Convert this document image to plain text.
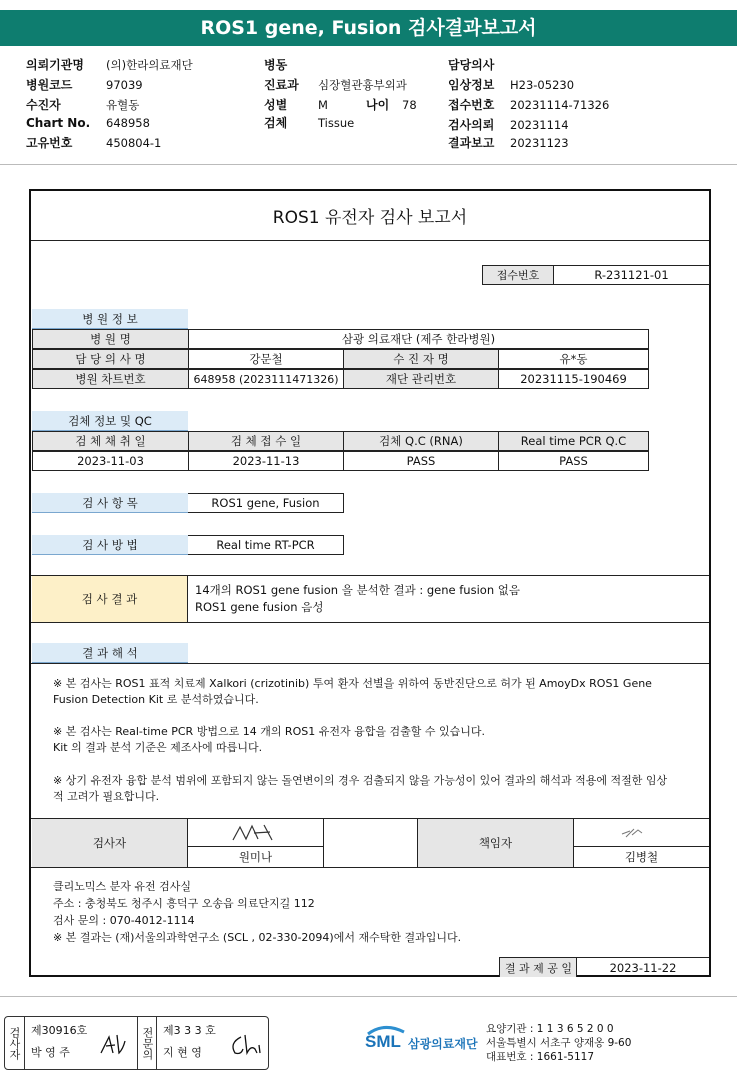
ROS1 gene, Fusion 검사결과보고서
의뢰기관명 (의)한라의료재단
병원코드	97039
수진자	유혈동
Chart No. 648958
고유번호	450804-1
병동
진료과 심장혈관흉부외과
성별	M	나이 78
검체	Tissue
담당의사
임상정보 H23-05230
접수번호 20231114-71326
검사의뢰 20231114
결과보고 20231123
ROS1 유전자 검사 보고서
접수번호	R-231121-01
병 원 정 보
병 원 명	삼광 의료재단 (제주 한라병원)
담 당 의 사 명	강문철	수 진 자 명	유*동
병원 차트번호	648958 (2023111471326)	재단 관리번호	20231115-190469
검체 정보 및 QC
검 체 채 취 일	검 체 접 수 일	검체 Q.C (RNA)	Real time PCR Q.C
2023-11-03	2023-11-13	PASS	PASS
검 사 항 목	ROS1 gene, Fusion
검 사 방 법	Real time RT-PCR
검 사 결 과
14개의 ROS1 gene fusion 을 분석한 결과 : gene fusion 없음
ROS1 gene fusion 음성
결 과 해 석
※ 본 검사는 ROS1 표적 치료제 Xalkori (crizotinib) 투여 환자 선별을 위하여 동반진단으로 허가 된 AmoyDx ROS1 Gene
Fusion Detection Kit 로 분석하였습니다.
※ 본 검사는 Real-time PCR 방법으로 14 개의 ROS1 유전자 융합을 검출할 수 있습니다.
Kit 의 결과 분석 기준은 제조사에 따릅니다.
※ 상기 유전자 융합 분석 범위에 포함되지 않는 돌연변이의 경우 검출되지 않을 가능성이 있어 결과의 해석과 적용에 적절한 임상
적 고려가 필요합니다.
검사자
원미나
책임자
김병철
클리노믹스 분자 유전 검사실
주소 : 충청북도 청주시 흥덕구 오송읍 의료단지길 112
검사 문의 : 070-4012-1114
※ 본 결과는 (재)서울의과학연구소 (SCL , 02-330-2094)에서 재수탁한 결과입니다.
결 과 제 공 일	2023-11-22
검사자 제30916호
박 영 주	전문의 제3 3 3 호
지 현 영
SML 삼광의료재단
요양기관 : 1 1 3 6 5 2 0 0
서울특별시 서초구 양재옹 9-60
대표번호 : 1661-5117
